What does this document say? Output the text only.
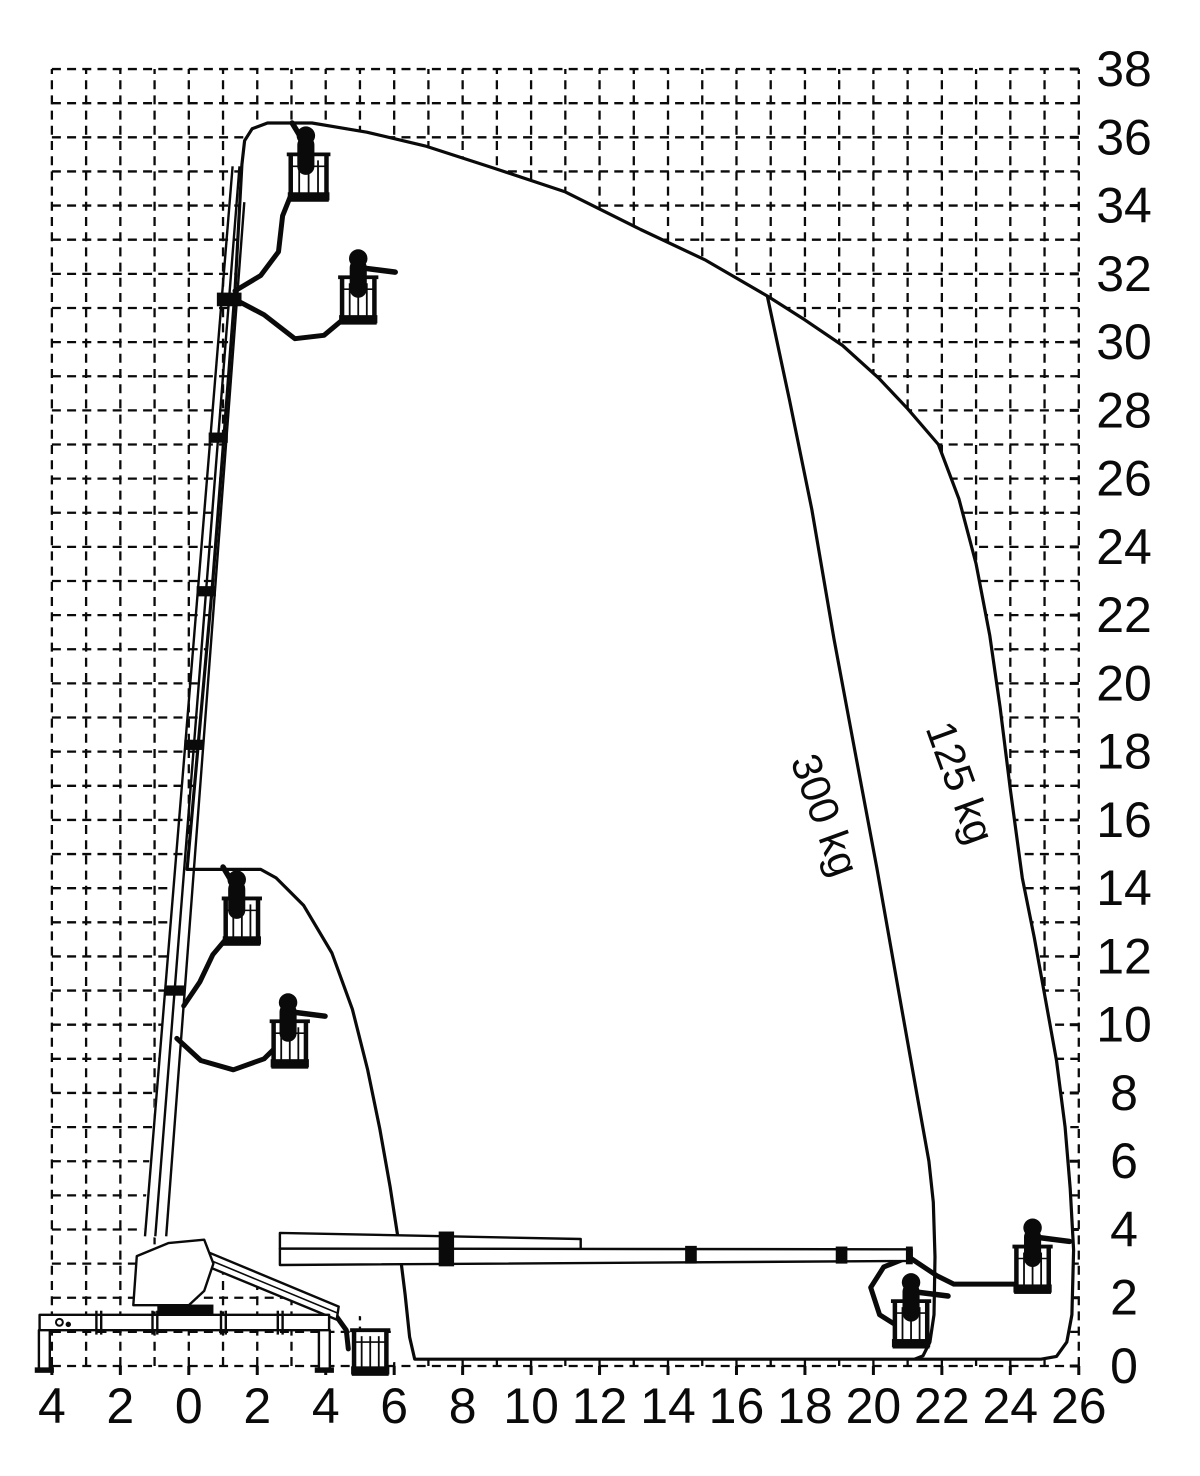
4 2 0 2 4 6 8 10 12 14 16 18 20 22 24 26
0
2
4
6
8
10
12
14
16
18
20
22
24
26
28
30
32
34
36
38
125 kg
300 kg
